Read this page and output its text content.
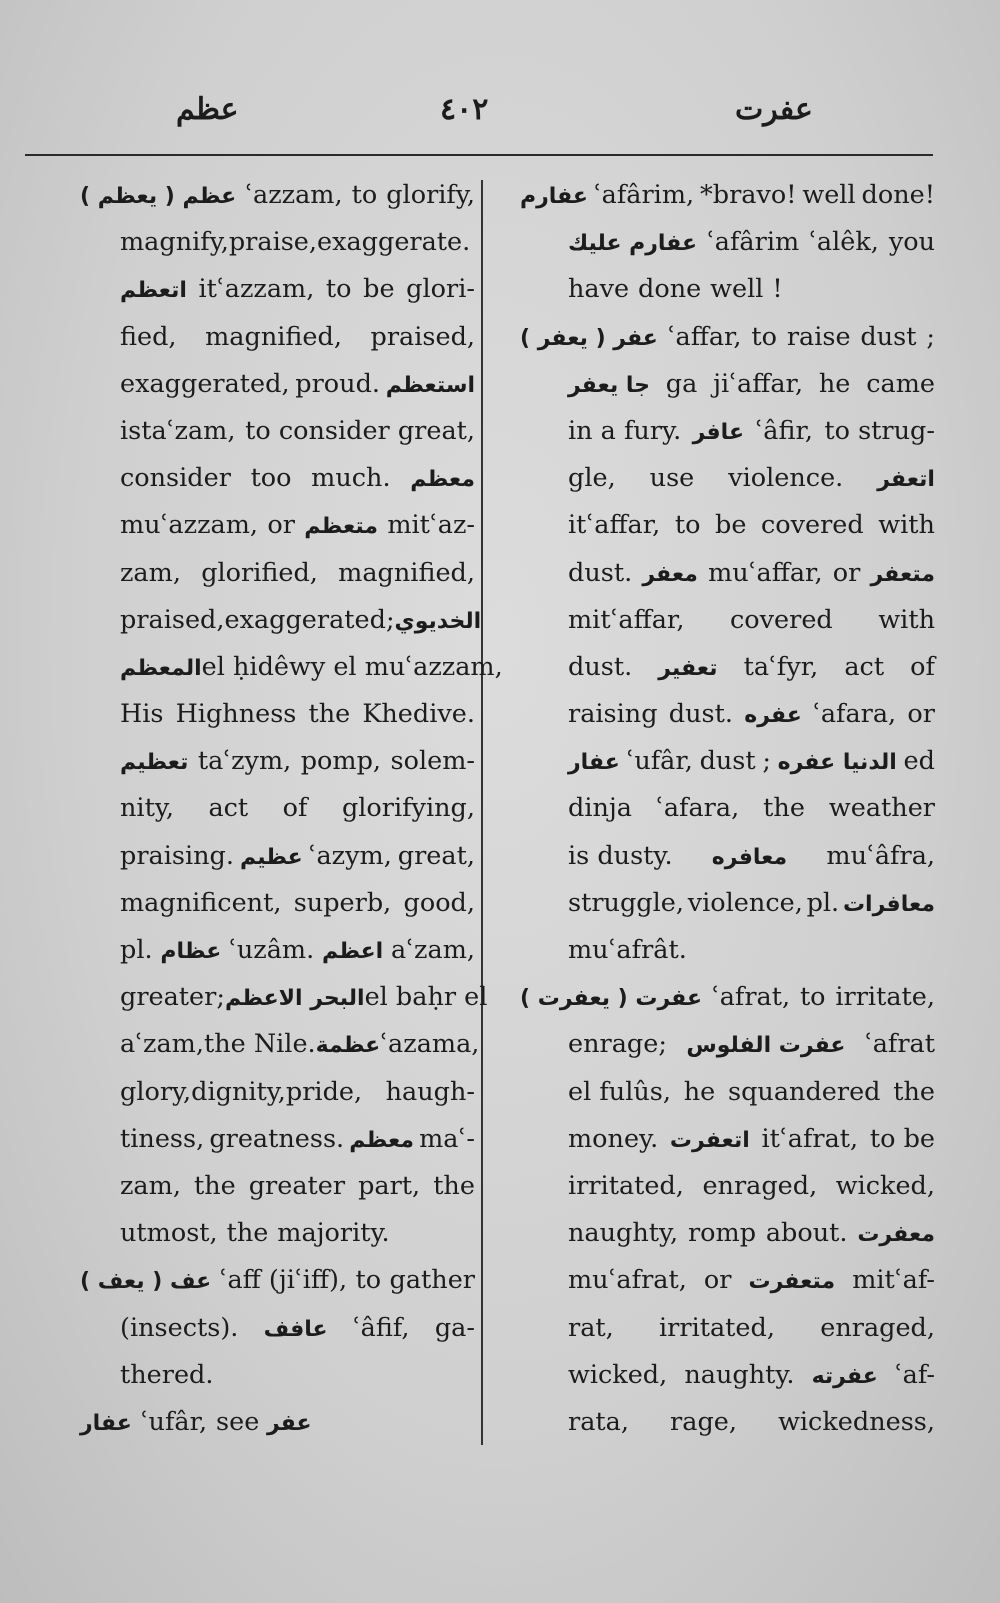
عظم	٤٠٢	عفرت
عظم ( يعظم ) ʿazzam, to glorify,
magnify,praise,exaggerate.
اتعظم itʿazzam, to be glori-
fied, magnified, praised,
exaggerated, proud. استعظم
istaʿzam, to consider great,
consider too much. معظم
muʿazzam, or متعظم mitʿaz-
zam, glorified, magnified,
praised,exaggerated; الخديوي
المعظم el ḥidêwy el muʿazzam,
His Highness the Khedive.
تعظيم taʿzym, pomp, solem-
nity, act of glorifying,
praising. عظيم ʿazym, great,
magnificent, superb, good,
pl. عظام ʿuzâm. اعظم aʿzam,
greater; البحر الاعظم el baḥr el
aʿzam, the Nile. عظمة ʿazama,
glory,dignity,pride, haugh-
tiness, greatness. معظم maʿ-
zam, the greater part, the
utmost, the majority.
عف ( يعف ) ʿaff (jiʿiff), to gather
(insects). عافف ʿâfif, ga-
thered.
عفار ʿufâr, see عفر
عفارم ʿafârim, *bravo! well done!
عفارم عليك ʿafârim ʿalêk, you
have done well !
عفر ( يعفر ) ʿaffar, to raise dust ;
جا يعفر ga jiʿaffar, he came
in a fury. عافر ʿâfir, to strug-
gle, use violence. اتعفر
itʿaffar, to be covered with
dust. معفر muʿaffar, or متعفر
mitʿaffar, covered with
dust. تعفير taʿfyr, act of
raising dust. عفره ʿafara, or
عفار ʿufâr, dust ; الدنيا عفره ed
dinja ʿafara, the weather
is dusty. معافره muʿâfra,
struggle, violence, pl. معافرات
muʿafrât.
عفرت ( يعفرت ) ʿafrat, to irritate,
enrage; عفرت الفلوس ʿafrat
el fulûs, he squandered the
money. اتعفرت itʿafrat, to be
irritated, enraged, wicked,
naughty, romp about. معفرت
muʿafrat, or متعفرت mitʿaf-
rat, irritated, enraged,
wicked, naughty. عفرته ʿaf-
rata, rage, wickedness,
